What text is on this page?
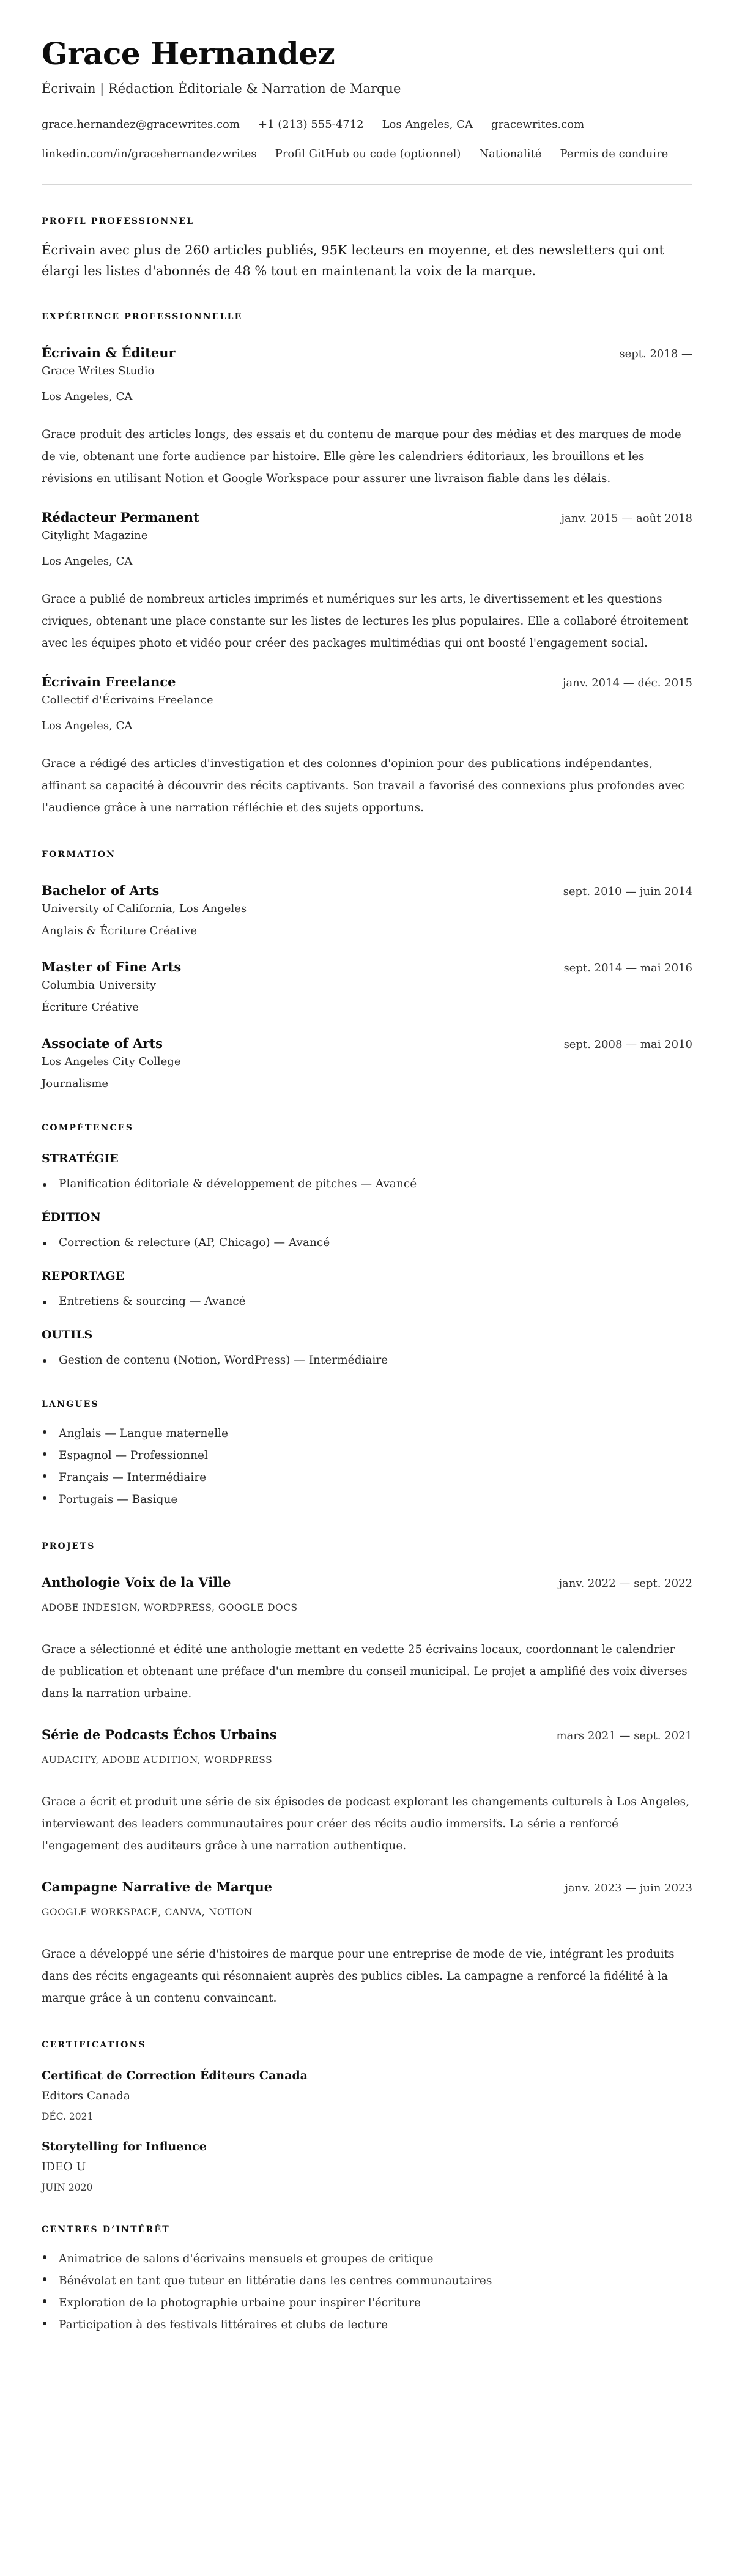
Grace Hernandez
Écrivain | Rédaction Éditoriale & Narration de Marque
grace.hernandez@gracewrites.com +1 (213) 555-4712 Los Angeles, CA gracewrites.com
linkedin.com/in/gracehernandezwrites Profil GitHub ou code (optionnel) Nationalité Permis de conduire
PROFIL PROFESSIONNEL

Écrivain avec plus de 260 articles publiés, 95K lecteurs en moyenne, et des newsletters qui ont élargi les listes d'abonnés de 48 % tout en maintenant la voix de la marque.

EXPÉRIENCE PROFESSIONNELLE
Écrivain & Éditeur	sept. 2018 —
Grace Writes Studio
Los Angeles, CA

Grace produit des articles longs, des essais et du contenu de marque pour des médias et des marques de mode de vie, obtenant une forte audience par histoire. Elle gère les calendriers éditoriaux, les brouillons et les révisions en utilisant Notion et Google Workspace pour assurer une livraison fiable dans les délais.

Rédacteur Permanent	janv. 2015 — août 2018
Citylight Magazine
Los Angeles, CA

Grace a publié de nombreux articles imprimés et numériques sur les arts, le divertissement et les questions civiques, obtenant une place constante sur les listes de lectures les plus populaires. Elle a collaboré étroitement avec les équipes photo et vidéo pour créer des packages multimédias qui ont boosté l'engagement social.

Écrivain Freelance	janv. 2014 — déc. 2015
Collectif d'Écrivains Freelance
Los Angeles, CA

Grace a rédigé des articles d'investigation et des colonnes d'opinion pour des publications indépendantes, affinant sa capacité à découvrir des récits captivants. Son travail a favorisé des connexions plus profondes avec l'audience grâce à une narration réfléchie et des sujets opportuns.

FORMATION
Bachelor of Arts	sept. 2010 — juin 2014
University of California, Los Angeles
Anglais & Écriture Créative
Master of Fine Arts	sept. 2014 — mai 2016
Columbia University
Écriture Créative
Associate of Arts	sept. 2008 — mai 2010
Los Angeles City College
Journalisme
COMPÉTENCES
STRATÉGIE
Planification éditoriale & développement de pitches — Avancé
ÉDITION
Correction & relecture (AP, Chicago) — Avancé
REPORTAGE
Entretiens & sourcing — Avancé
OUTILS
Gestion de contenu (Notion, WordPress) — Intermédiaire
LANGUES
Anglais — Langue maternelle
Espagnol — Professionnel
Français — Intermédiaire
Portugais — Basique
PROJETS
Anthologie Voix de la Ville	janv. 2022 — sept. 2022
ADOBE INDESIGN, WORDPRESS, GOOGLE DOCS

Grace a sélectionné et édité une anthologie mettant en vedette 25 écrivains locaux, coordonnant le calendrier de publication et obtenant une préface d'un membre du conseil municipal. Le projet a amplifié des voix diverses dans la narration urbaine.

Série de Podcasts Échos Urbains	mars 2021 — sept. 2021
AUDACITY, ADOBE AUDITION, WORDPRESS

Grace a écrit et produit une série de six épisodes de podcast explorant les changements culturels à Los Angeles, interviewant des leaders communautaires pour créer des récits audio immersifs. La série a renforcé l'engagement des auditeurs grâce à une narration authentique.

Campagne Narrative de Marque	janv. 2023 — juin 2023
GOOGLE WORKSPACE, CANVA, NOTION

Grace a développé une série d'histoires de marque pour une entreprise de mode de vie, intégrant les produits dans des récits engageants qui résonnaient auprès des publics cibles. La campagne a renforcé la fidélité à la marque grâce à un contenu convaincant.

CERTIFICATIONS
Certificat de Correction Éditeurs Canada
Editors Canada
DÉC. 2021
Storytelling for Influence
IDEO U
JUIN 2020
CENTRES D’INTÉRÊT
Animatrice de salons d'écrivains mensuels et groupes de critique
Bénévolat en tant que tuteur en littératie dans les centres communautaires
Exploration de la photographie urbaine pour inspirer l'écriture
Participation à des festivals littéraires et clubs de lecture
